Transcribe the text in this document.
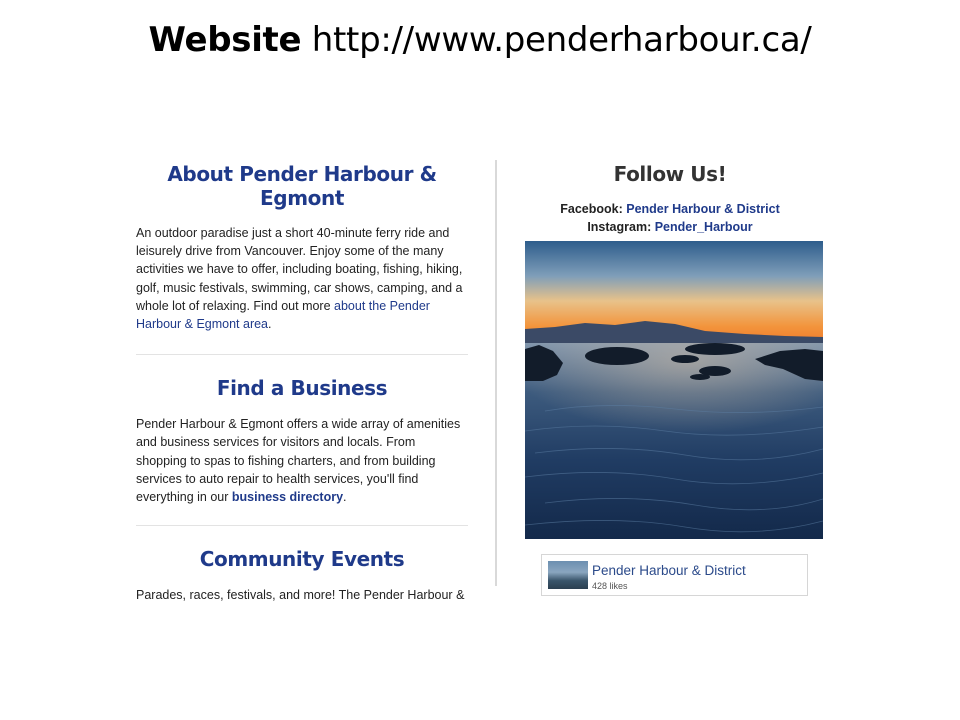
Website http://www.penderharbour.ca/
About Pender Harbour & Egmont

An outdoor paradise just a short 40-minute ferry ride and leisurely drive from Vancouver. Enjoy some of the many activities we have to offer, including boating, fishing, hiking, golf, music festivals, swimming, car shows, camping, and a whole lot of relaxing. Find out more about the Pender Harbour & Egmont area.

Find a Business

Pender Harbour & Egmont offers a wide array of amenities and business services for visitors and locals. From shopping to spas to fishing charters, and from building services to auto repair to health services, you'll find everything in our business directory.

Community Events

Parades, races, festivals, and more! The Pender Harbour &

Follow Us!
Facebook: Pender Harbour & District
Instagram: Pender_Harbour
Pender Harbour & District
428 likes
